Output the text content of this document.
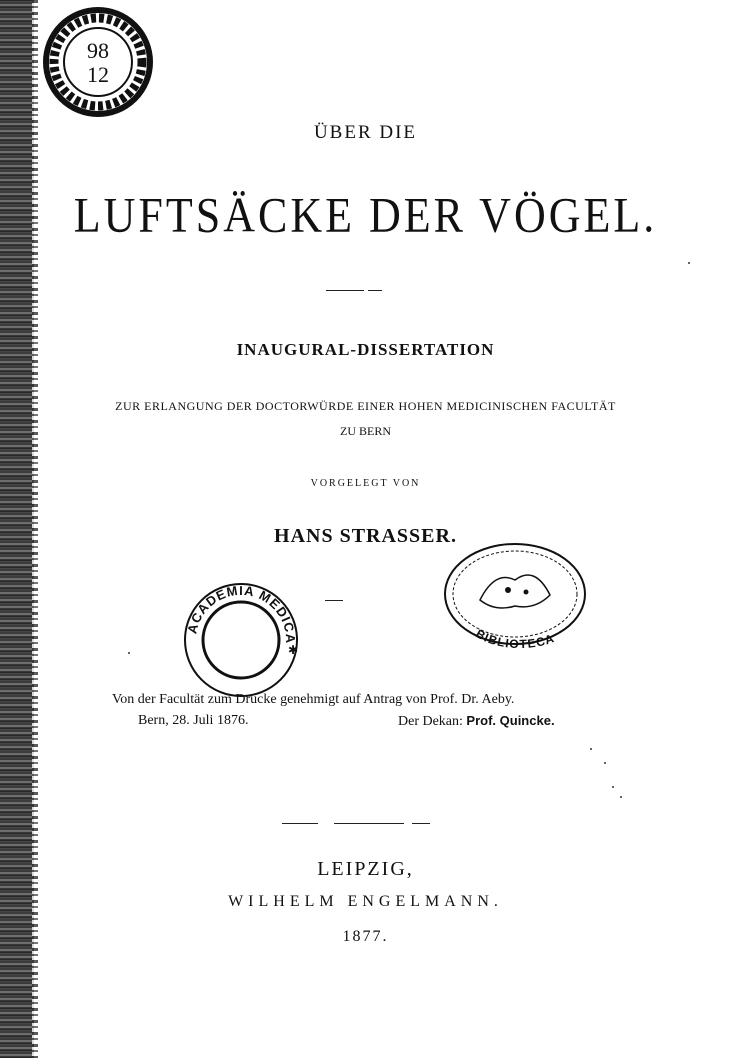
98
12
ÜBER DIE
LUFTSÄCKE DER VÖGEL.
INAUGURAL-DISSERTATION
ZUR ERLANGUNG DER DOCTORWÜRDE EINER HOHEN MEDICINISCHEN FACULTÄT
ZU BERN
VORGELEGT VON
HANS STRASSER.
ACADEMIA MEDICA
✱
BIBLIOTECA
Von der Facultät zum Drucke genehmigt auf Antrag von Prof. Dr. Aeby.
Bern, 28. Juli 1876.	Der Dekan: Prof. Quincke.
LEIPZIG,
WILHELM ENGELMANN.
1877.
